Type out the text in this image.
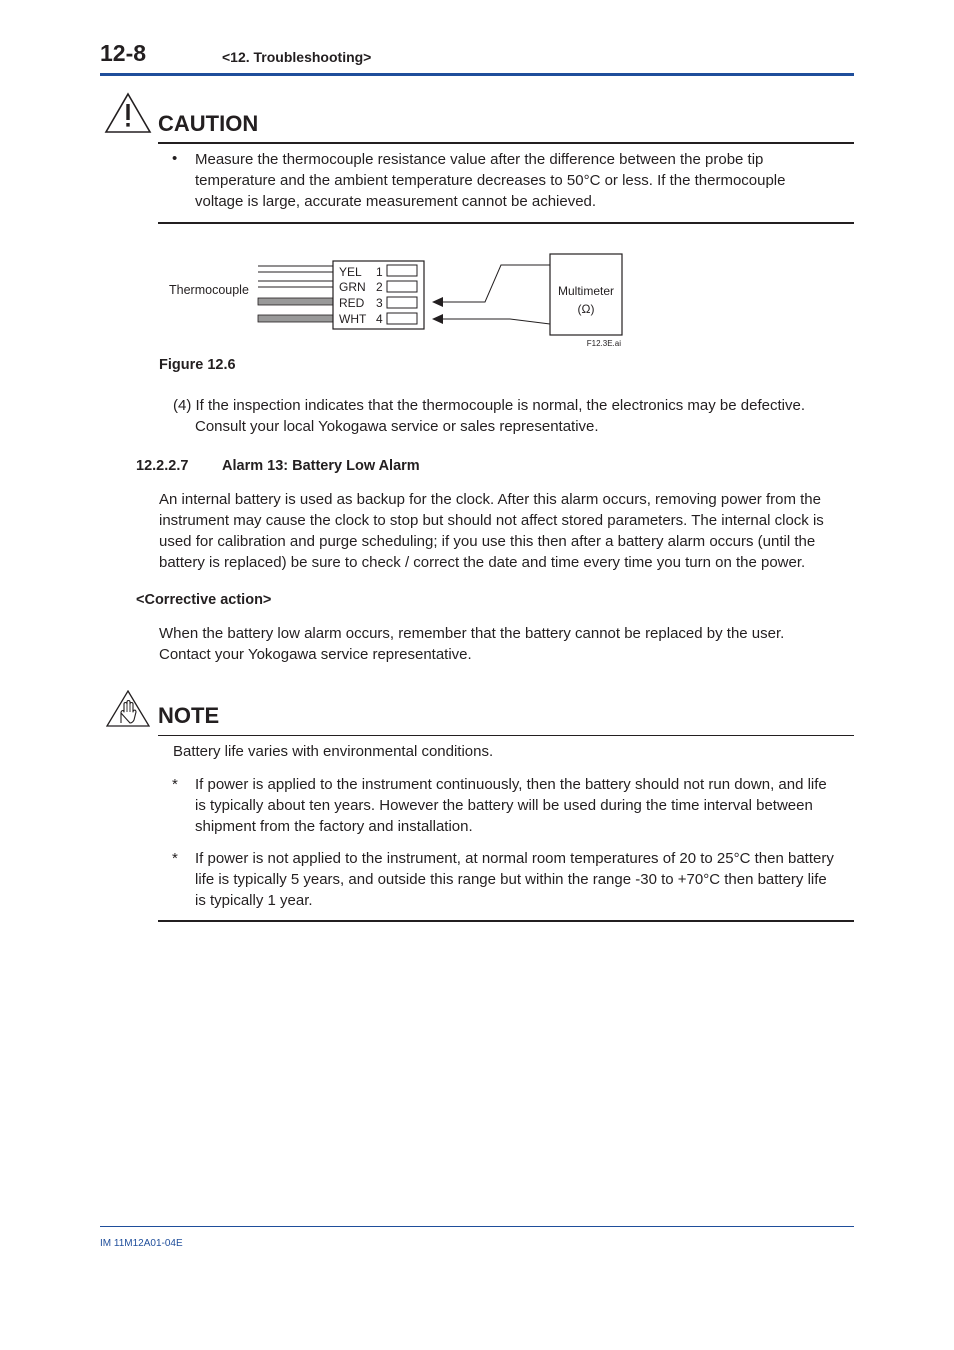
12-8	<12. Troubleshooting>
CAUTION
• Measure the thermocouple resistance value after the difference between the probe tip
temperature and the ambient temperature decreases to 50°C or less. If the thermocouple
voltage is large, accurate measurement cannot be achieved.
Thermocouple
YEL
GRN
RED
WHT
1
2
3
4
Multimeter
(Ω)
F12.3E.ai
Figure 12.6
(4) If the inspection indicates that the thermocouple is normal, the electronics may be defective.
Consult your local Yokogawa service or sales representative.
12.2.2.7 Alarm 13: Battery Low Alarm
An internal battery is used as backup for the clock. After this alarm occurs, removing power from the
instrument may cause the clock to stop but should not affect stored parameters. The internal clock is
used for calibration and purge scheduling; if you use this then after a battery alarm occurs (until the
battery is replaced) be sure to check / correct the date and time every time you turn on the power.
<Corrective action>
When the battery low alarm occurs, remember that the battery cannot be replaced by the user.
Contact your Yokogawa service representative.
NOTE
Battery life varies with environmental conditions.
* If power is applied to the instrument continuously, then the battery should not run down, and life
is typically about ten years. However the battery will be used during the time interval between
shipment from the factory and installation.
* If power is not applied to the instrument, at normal room temperatures of 20 to 25°C then battery
life is typically 5 years, and outside this range but within the range -30 to +70°C then battery life
is typically 1 year.
IM 11M12A01-04E
